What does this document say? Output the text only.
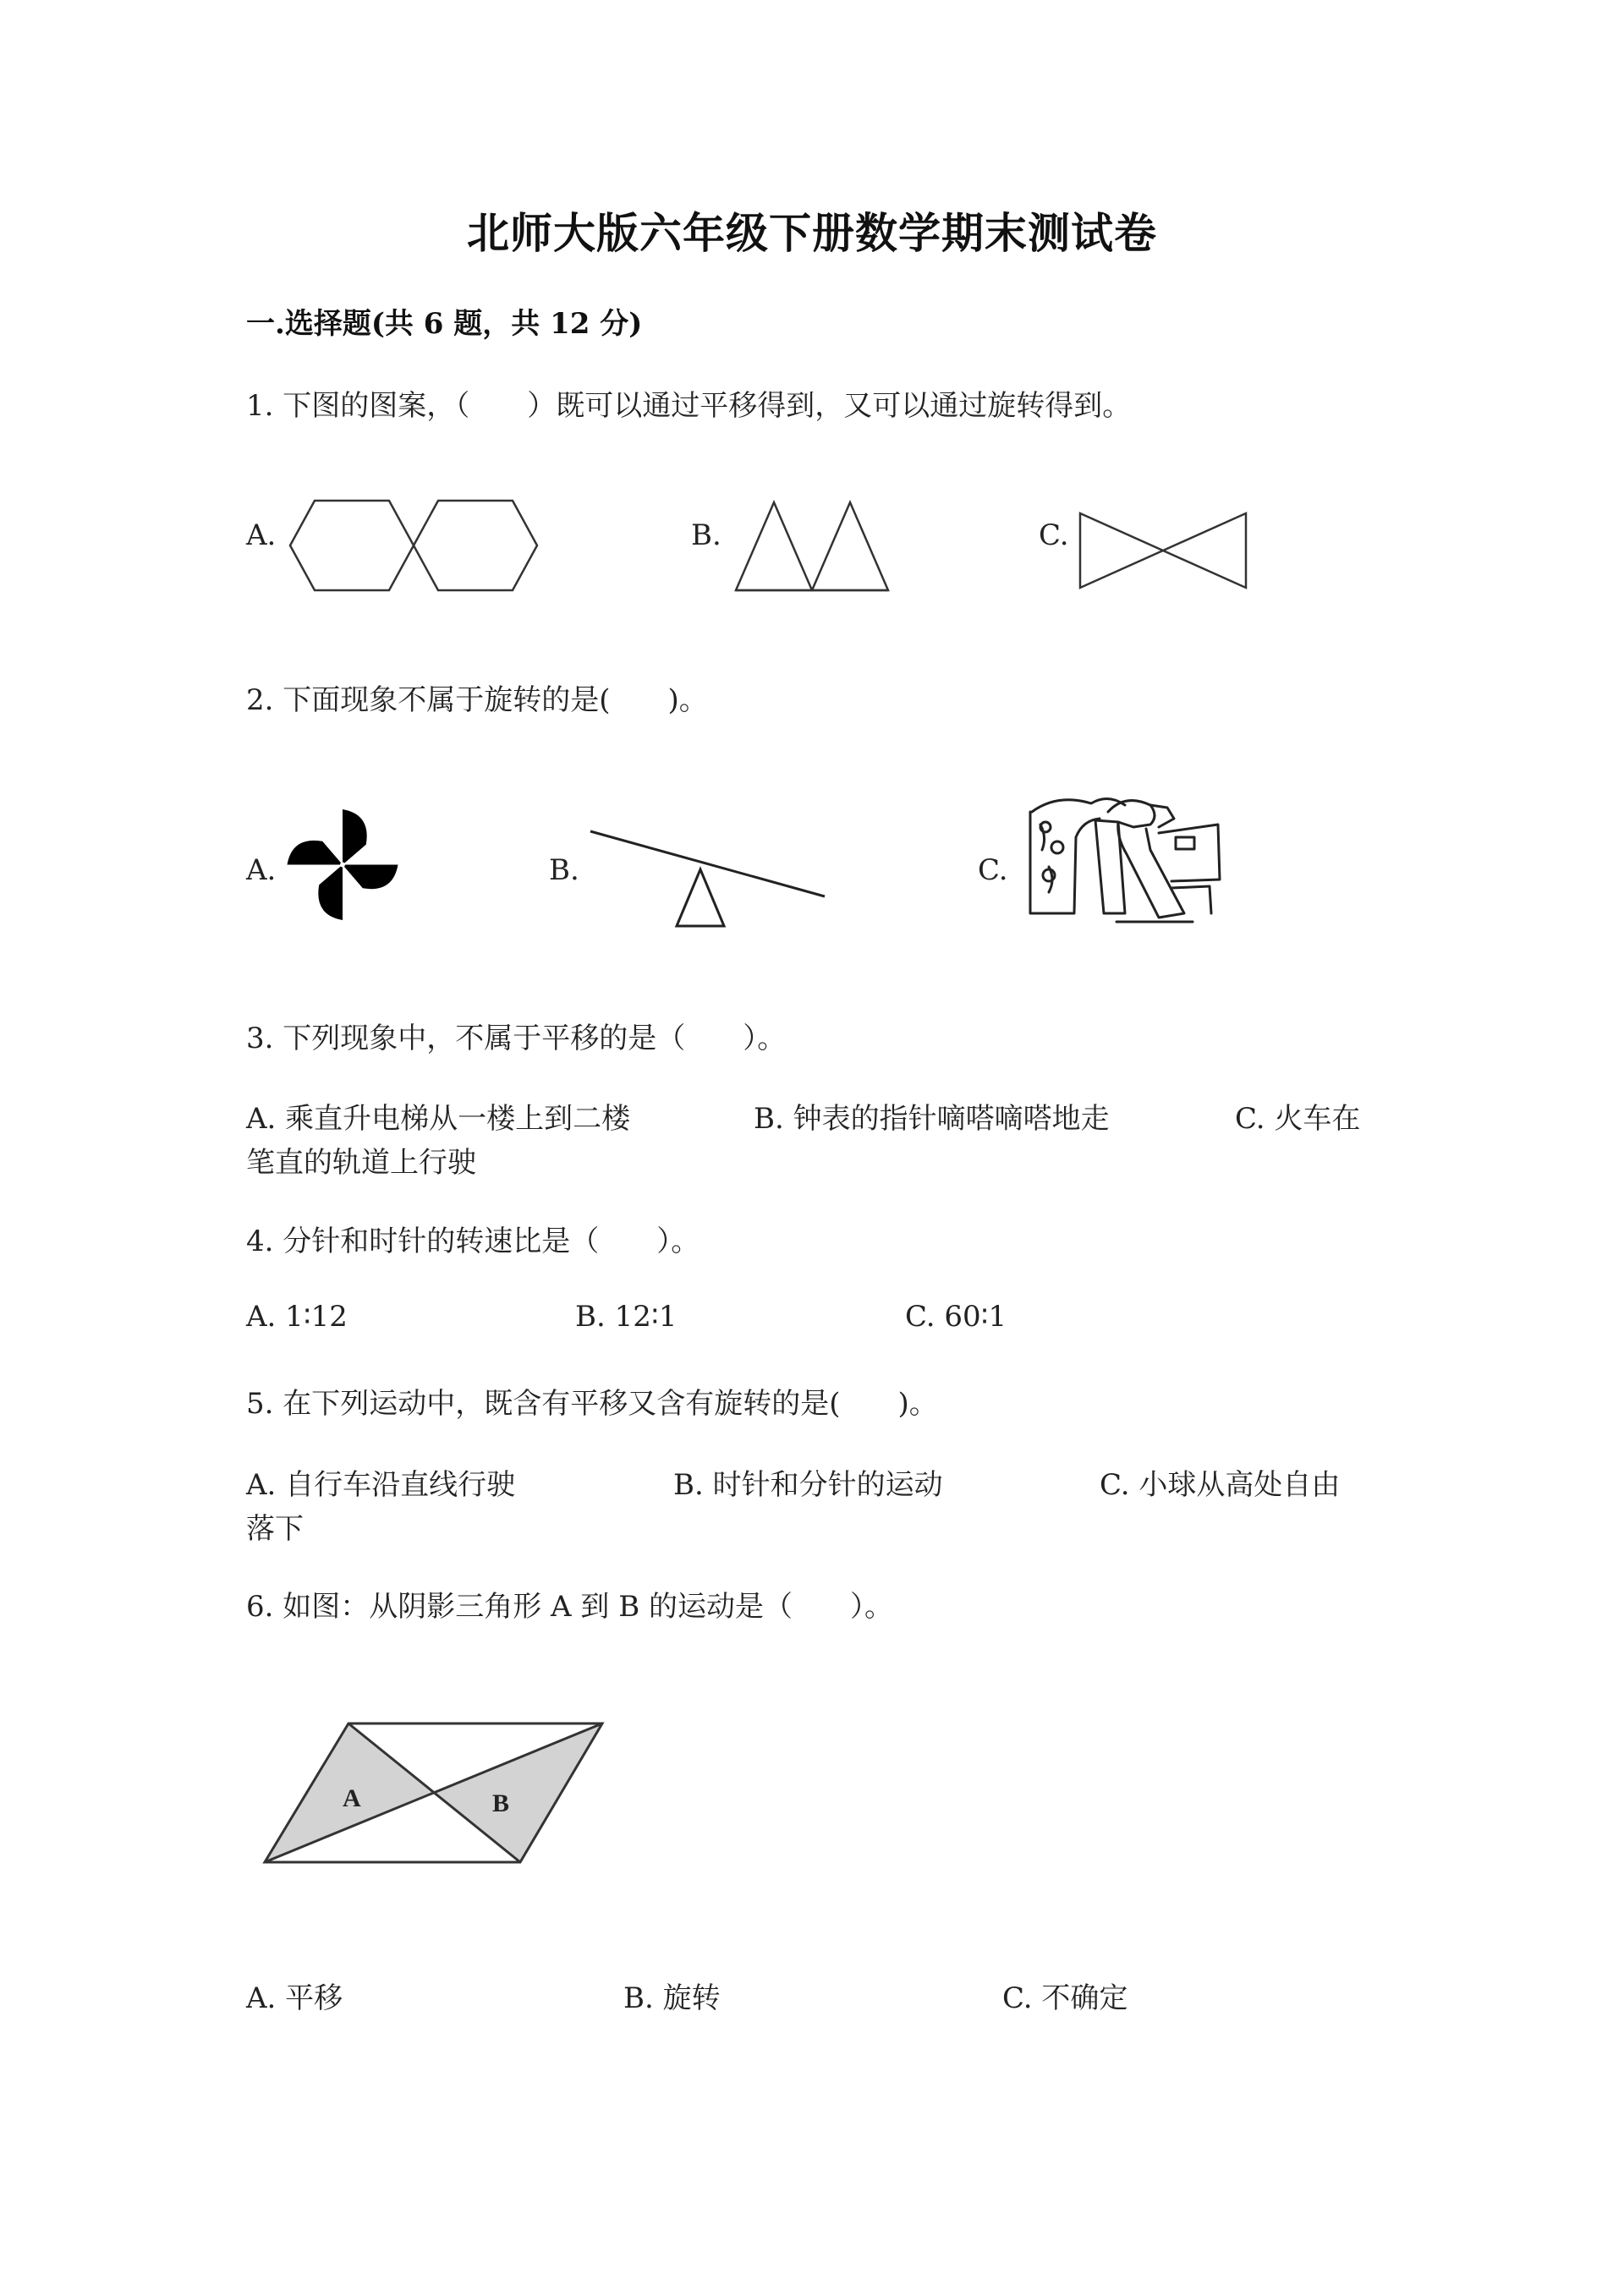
北师大版六年级下册数学期末测试卷
一.选择题(共 6 题，共 12 分)
1. 下图的图案，（　　）既可以通过平移得到，又可以通过旋转得到。
A.	B.	C.
2. 下面现象不属于旋转的是(　　)。
A.	B.	C.
3. 下列现象中，不属于平移的是（　　）。
A. 乘直升电梯从一楼上到二楼	B. 钟表的指针嘀嗒嘀嗒地走	C. 火车在
笔直的轨道上行驶
4. 分针和时针的转速比是（　　）。
A. 1∶12	B. 12∶1	C. 60∶1
5. 在下列运动中，既含有平移又含有旋转的是(　　)。
A. 自行车沿直线行驶	B. 时针和分针的运动	C. 小球从高处自由
落下
6. 如图：从阴影三角形 A 到 B 的运动是（　　）。
A	B
A. 平移	B. 旋转	C. 不确定
